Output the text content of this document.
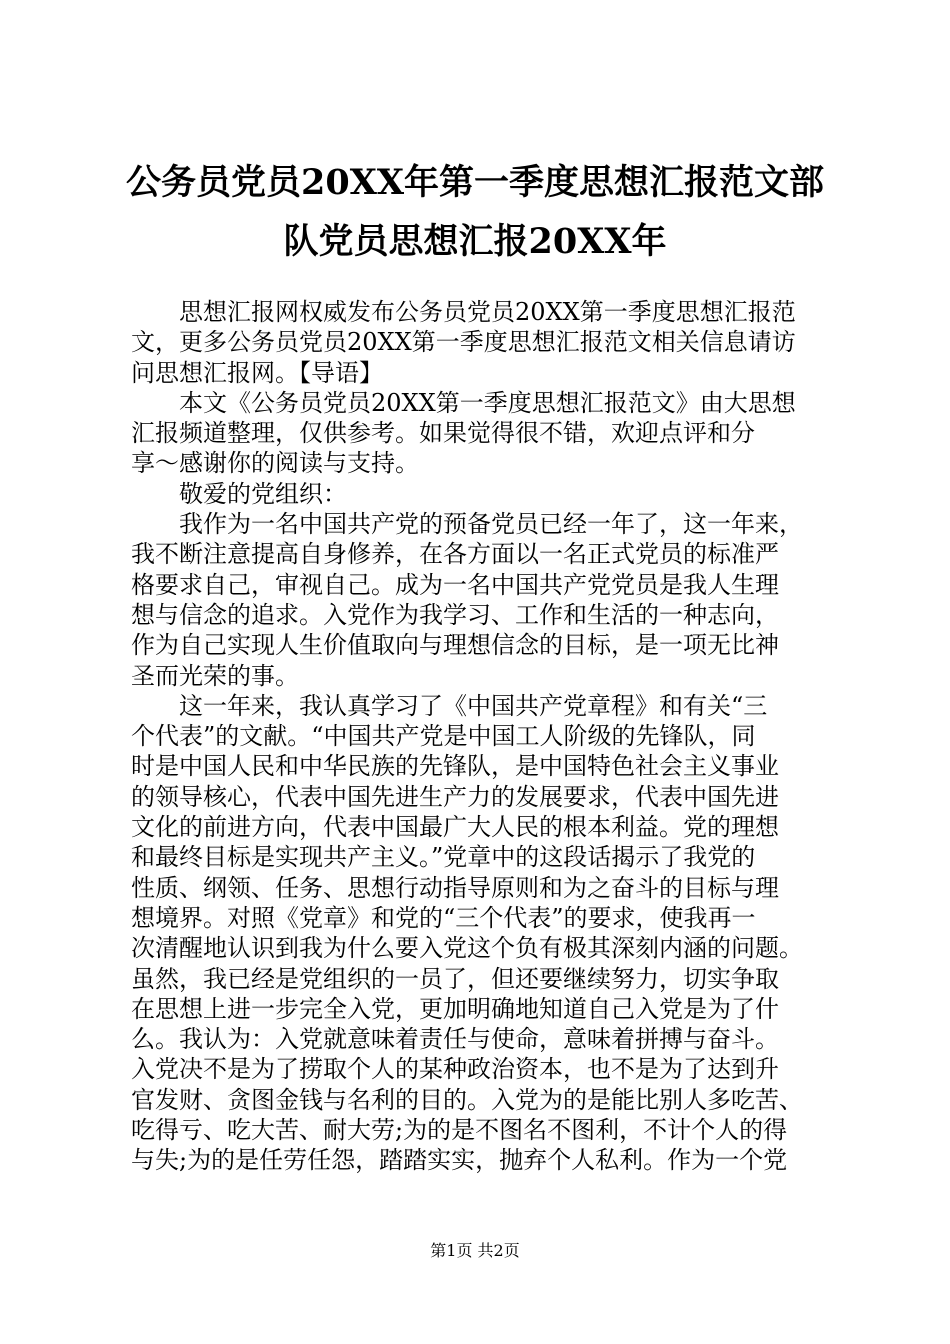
公务员党员20XX年第一季度思想汇报范文部
队党员思想汇报20XX年
思想汇报网权威发布公务员党员20XX第一季度思想汇报范
文，更多公务员党员20XX第一季度思想汇报范文相关信息请访
问思想汇报网。【导语】
本文《公务员党员20XX第一季度思想汇报范文》由大思想
汇报频道整理，仅供参考。如果觉得很不错，欢迎点评和分
享～感谢你的阅读与支持。
敬爱的党组织：
我作为一名中国共产党的预备党员已经一年了，这一年来，
我不断注意提高自身修养，在各方面以一名正式党员的标准严
格要求自己，审视自己。成为一名中国共产党党员是我人生理
想与信念的追求。入党作为我学习、工作和生活的一种志向，
作为自己实现人生价值取向与理想信念的目标，是一项无比神
圣而光荣的事。
这一年来，我认真学习了《中国共产党章程》和有关“三
个代表”的文献。“中国共产党是中国工人阶级的先锋队，同
时是中国人民和中华民族的先锋队，是中国特色社会主义事业
的领导核心，代表中国先进生产力的发展要求，代表中国先进
文化的前进方向，代表中国最广大人民的根本利益。党的理想
和最终目标是实现共产主义。”党章中的这段话揭示了我党的
性质、纲领、任务、思想行动指导原则和为之奋斗的目标与理
想境界。对照《党章》和党的“三个代表”的要求，使我再一
次清醒地认识到我为什么要入党这个负有极其深刻内涵的问题。
虽然，我已经是党组织的一员了，但还要继续努力，切实争取
在思想上进一步完全入党，更加明确地知道自己入党是为了什
么。我认为：入党就意味着责任与使命，意味着拼搏与奋斗。
入党决不是为了捞取个人的某种政治资本，也不是为了达到升
官发财、贪图金钱与名利的目的。入党为的是能比别人多吃苦、
吃得亏、吃大苦、耐大劳;为的是不图名不图利，不计个人的得
与失;为的是任劳任怨，踏踏实实，抛弃个人私利。作为一个党
第1页 共2页
